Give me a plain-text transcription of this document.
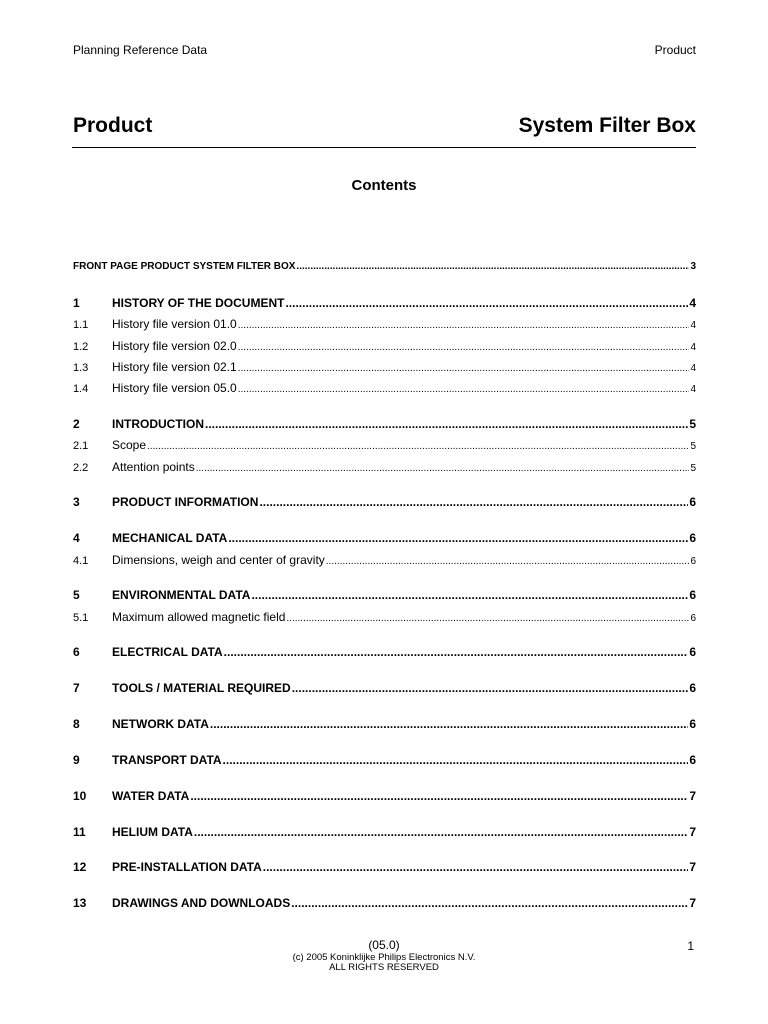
Planning Reference Data	Product
Product	System Filter Box
Contents
FRONT PAGE PRODUCT SYSTEM FILTER BOX .....	3
1	HISTORY OF THE DOCUMENT .....	4
1.1	History file version 01.0 .....	4
1.2	History file version 02.0 .....	4
1.3	History file version 02.1 .....	4
1.4	History file version 05.0 .....	4
2	INTRODUCTION .....	5
2.1	Scope .....	5
2.2	Attention points .....	5
3	PRODUCT INFORMATION .....	6
4	MECHANICAL DATA .....	6
4.1	Dimensions, weigh and center of gravity .....	6
5	ENVIRONMENTAL DATA .....	6
5.1	Maximum allowed magnetic field .....	6
6	ELECTRICAL DATA .....	6
7	TOOLS / MATERIAL REQUIRED .....	6
8	NETWORK DATA .....	6
9	TRANSPORT DATA .....	6
10	WATER DATA .....	7
11	HELIUM DATA .....	7
12	PRE-INSTALLATION DATA .....	7
13	DRAWINGS AND DOWNLOADS .....	7
(05.0)
(c) 2005 Koninklijke Philips Electronics N.V.
ALL RIGHTS RESERVED
1
